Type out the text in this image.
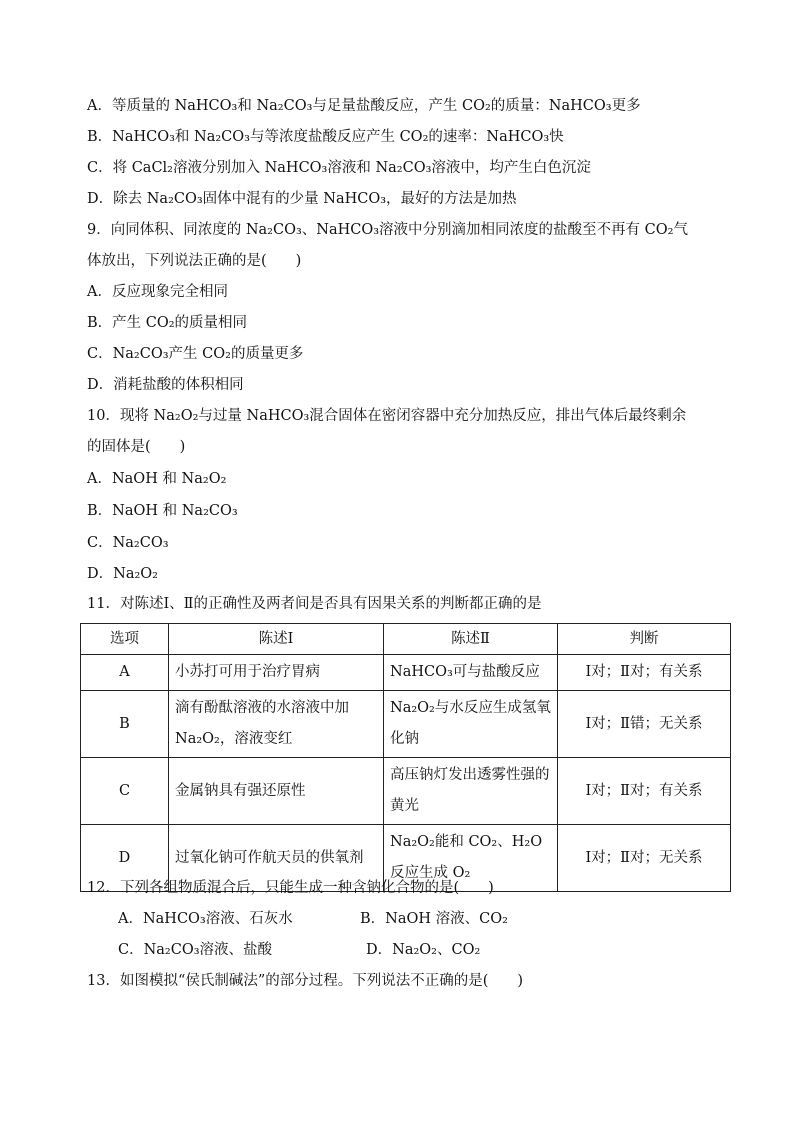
A．等质量的 NaHCO₃和 Na₂CO₃与足量盐酸反应，产生 CO₂的质量：NaHCO₃更多
B．NaHCO₃和 Na₂CO₃与等浓度盐酸反应产生 CO₂的速率：NaHCO₃快
C．将 CaCl₂溶液分别加入 NaHCO₃溶液和 Na₂CO₃溶液中，均产生白色沉淀
D．除去 Na₂CO₃固体中混有的少量 NaHCO₃，最好的方法是加热
9．向同体积、同浓度的 Na₂CO₃、NaHCO₃溶液中分别滴加相同浓度的盐酸至不再有 CO₂气
体放出，下列说法正确的是(　　)
A．反应现象完全相同
B．产生 CO₂的质量相同
C．Na₂CO₃产生 CO₂的质量更多
D．消耗盐酸的体积相同
10．现将 Na₂O₂与过量 NaHCO₃混合固体在密闭容器中充分加热反应，排出气体后最终剩余
的固体是(　　)
A．NaOH 和 Na₂O₂
B．NaOH 和 Na₂CO₃
C．Na₂CO₃
D．Na₂O₂
11．对陈述Ⅰ、Ⅱ的正确性及两者间是否具有因果关系的判断都正确的是
选项	陈述Ⅰ	陈述Ⅱ	判断
A	小苏打可用于治疗胃病	NaHCO₃可与盐酸反应	Ⅰ对；Ⅱ对；有关系
B	滴有酚酞溶液的水溶液中加 Na₂O₂，溶液变红	Na₂O₂与水反应生成氢氧化钠	Ⅰ对；Ⅱ错；无关系
C	金属钠具有强还原性	高压钠灯发出透雾性强的黄光	Ⅰ对；Ⅱ对；有关系
D	过氧化钠可作航天员的供氧剂	Na₂O₂能和 CO₂、H₂O 反应生成 O₂	Ⅰ对；Ⅱ对；无关系
12．下列各组物质混合后，只能生成一种含钠化合物的是(　　)
A．NaHCO₃溶液、石灰水	B．NaOH 溶液、CO₂
C．Na₂CO₃溶液、盐酸	D．Na₂O₂、CO₂
13．如图模拟“侯氏制碱法”的部分过程。下列说法不正确的是(　　)
